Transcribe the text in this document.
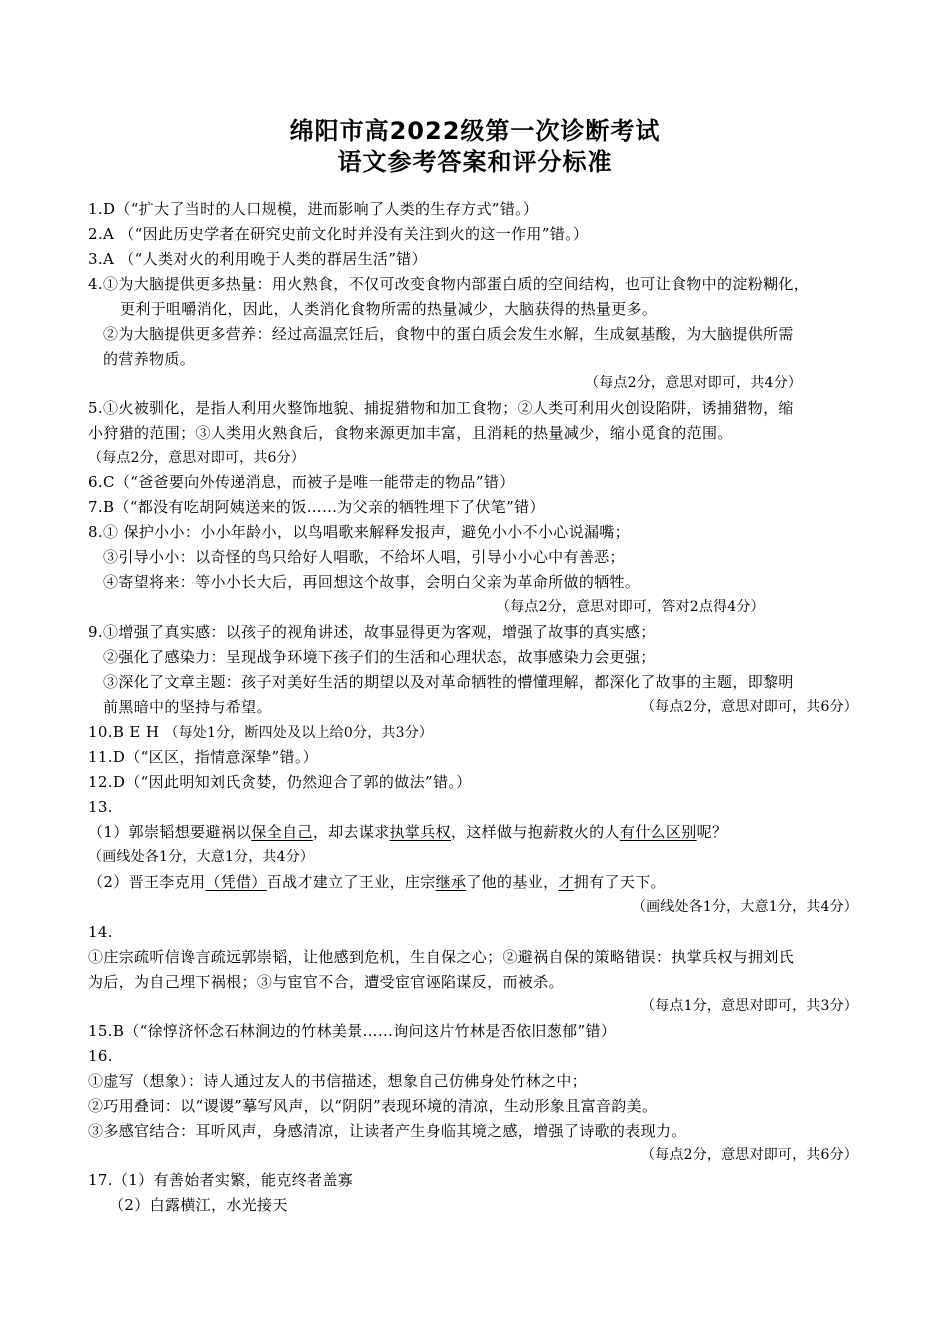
绵阳市高2022级第一次诊断考试
语文参考答案和评分标准
1.D（“扩大了当时的人口规模，进而影响了人类的生存方式”错。）
2.A （“因此历史学者在研究史前文化时并没有关注到火的这一作用”错。）
3.A （“人类对火的利用晚于人类的群居生活”错）
4.①为大脑提供更多热量：用火熟食，不仅可改变食物内部蛋白质的空间结构，也可让食物中的淀粉糊化，
更利于咀嚼消化，因此，人类消化食物所需的热量减少，大脑获得的热量更多。
②为大脑提供更多营养：经过高温烹饪后，食物中的蛋白质会发生水解，生成氨基酸，为大脑提供所需
的营养物质。
（每点2分，意思对即可，共4分）
5.①火被驯化，是指人利用火整饰地貌、捕捉猎物和加工食物；②人类可利用火创设陷阱，诱捕猎物，缩
小狩猎的范围；③人类用火熟食后，食物来源更加丰富，且消耗的热量减少，缩小觅食的范围。
（每点2分，意思对即可，共6分）
6.C（“爸爸要向外传递消息，而被子是唯一能带走的物品”错）
7.B（“都没有吃胡阿姨送来的饭……为父亲的牺牲埋下了伏笔”错）
8.① 保护小小：小小年龄小，以鸟唱歌来解释发报声，避免小小不小心说漏嘴；
③引导小小：以奇怪的鸟只给好人唱歌，不给坏人唱，引导小小心中有善恶；
④寄望将来：等小小长大后，再回想这个故事，会明白父亲为革命所做的牺牲。
（每点2分，意思对即可，答对2点得4分）
9.①增强了真实感：以孩子的视角讲述，故事显得更为客观，增强了故事的真实感；
②强化了感染力：呈现战争环境下孩子们的生活和心理状态，故事感染力会更强；
③深化了文章主题：孩子对美好生活的期望以及对革命牺牲的懵懂理解，都深化了故事的主题，即黎明
前黑暗中的坚持与希望。	（每点2分，意思对即可，共6分）
10.B E H （每处1分，断四处及以上给0分，共3分）
11.D（“区区，指情意深挚”错。）
12.D（“因此明知刘氏贪婪，仍然迎合了郭的做法”错。）
13.
（1）郭崇韬想要避祸以保全自己，却去谋求执掌兵权，这样做与抱薪救火的人有什么区别呢？
（画线处各1分，大意1分，共4分）
（2）晋王李克用（凭借）百战才建立了王业，庄宗继承了他的基业，才拥有了天下。
（画线处各1分，大意1分，共4分）
14.
①庄宗疏听信谗言疏远郭崇韬，让他感到危机，生自保之心；②避祸自保的策略错误：执掌兵权与拥刘氏
为后，为自己埋下祸根；③与宦官不合，遭受宦官诬陷谋反，而被杀。
（每点1分，意思对即可，共3分）
15.B（“徐惇济怀念石林涧边的竹林美景……询问这片竹林是否依旧葱郁”错）
16.
①虚写（想象）：诗人通过友人的书信描述，想象自己仿佛身处竹林之中；
②巧用叠词：以“谡谡”摹写风声，以“阴阴”表现环境的清凉，生动形象且富音韵美。
③多感官结合：耳听风声，身感清凉，让读者产生身临其境之感，增强了诗歌的表现力。
（每点2分，意思对即可，共6分）
17.（1）有善始者实繁，能克终者盖寡
（2）白露横江，水光接天
